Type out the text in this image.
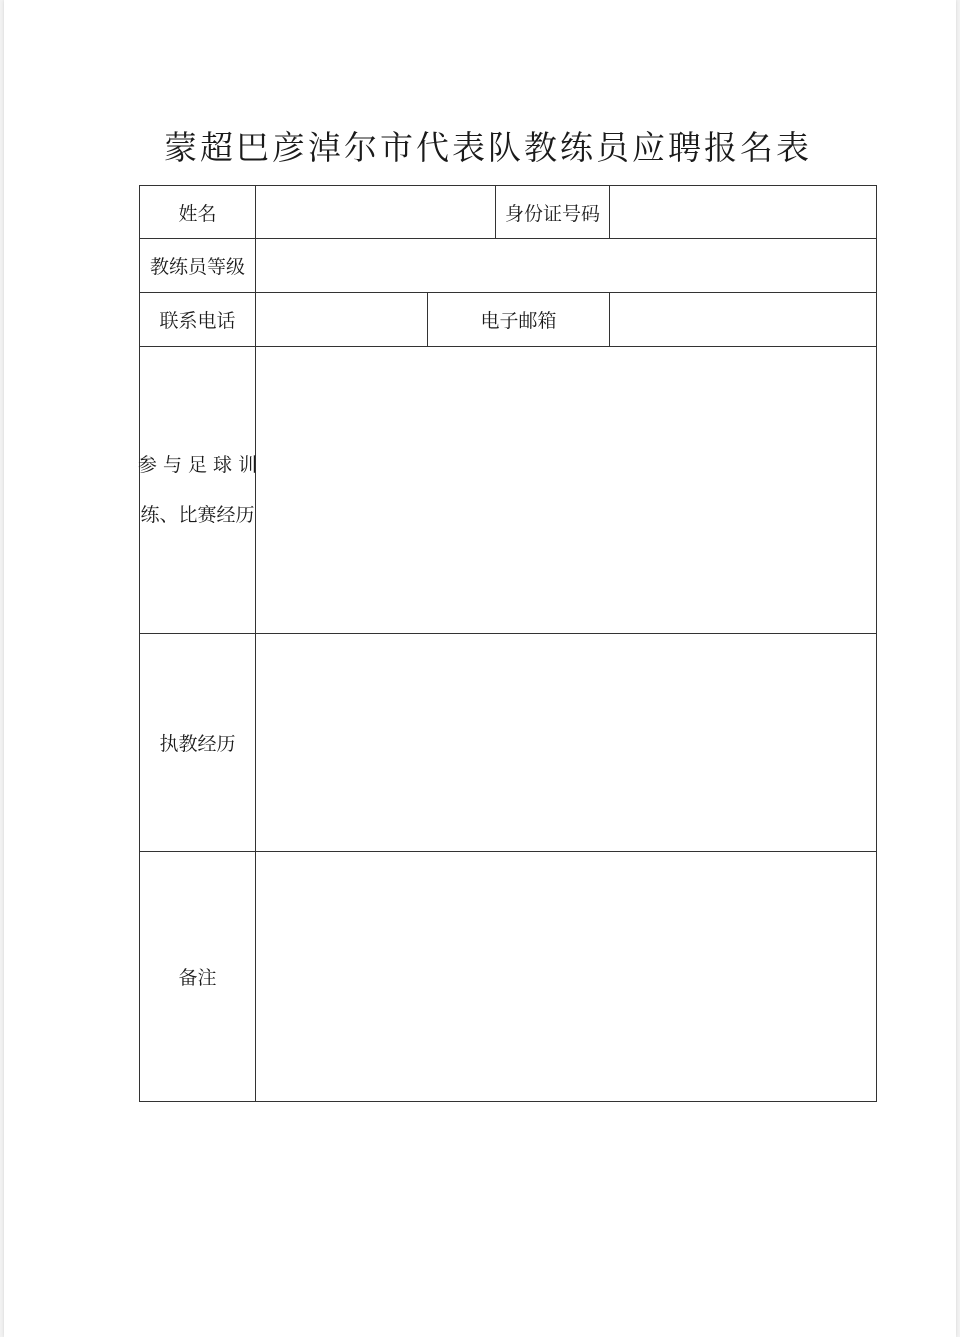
蒙超巴彦淖尔市代表队教练员应聘报名表
姓名	身份证号码
教练员等级
联系电话	电子邮箱
参 与 足 球 训
练、比赛经历
执教经历
备注
